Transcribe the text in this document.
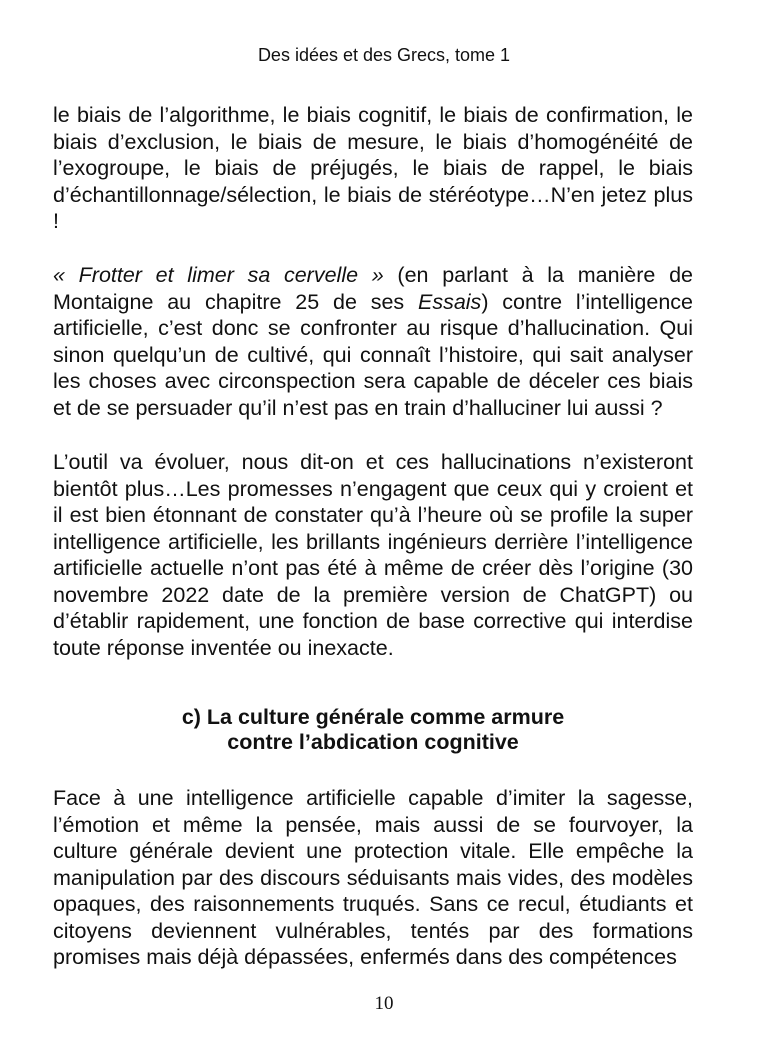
Des idées et des Grecs, tome 1

le biais de l’algorithme, le biais cognitif, le biais de confirmation, le biais d’exclusion, le biais de mesure, le biais d’homogénéité de l’exogroupe, le biais de préjugés, le biais de rappel, le biais d’échantillonnage/sélection, le biais de stéréotype…N’en jetez plus !

« Frotter et limer sa cervelle » (en parlant à la manière de Montaigne au chapitre 25 de ses Essais) contre l’intelligence artificielle, c’est donc se confronter au risque d’hallucination. Qui sinon quelqu’un de cultivé, qui connaît l’histoire, qui sait analyser les choses avec circonspection sera capable de déceler ces biais et de se persuader qu’il n’est pas en train d’halluciner lui aussi ?

L’outil va évoluer, nous dit-on et ces hallucinations n’existeront bientôt plus…Les promesses n’engagent que ceux qui y croient et il est bien étonnant de constater qu’à l’heure où se profile la super intelligence artificielle, les brillants ingénieurs derrière l’intelligence artificielle actuelle n’ont pas été à même de créer dès l’origine (30 novembre 2022 date de la première version de ChatGPT) ou d’établir rapidement, une fonction de base corrective qui interdise toute réponse inventée ou inexacte.

c) La culture générale comme armure
contre l’abdication cognitive

Face à une intelligence artificielle capable d’imiter la sagesse, l’émotion et même la pensée, mais aussi de se fourvoyer, la culture générale devient une protection vitale. Elle empêche la manipulation par des discours séduisants mais vides, des modèles opaques, des raisonnements truqués. Sans ce recul, étudiants et citoyens deviennent vulnérables, tentés par des formations promises mais déjà dépassées, enfermés dans des compétences

10
